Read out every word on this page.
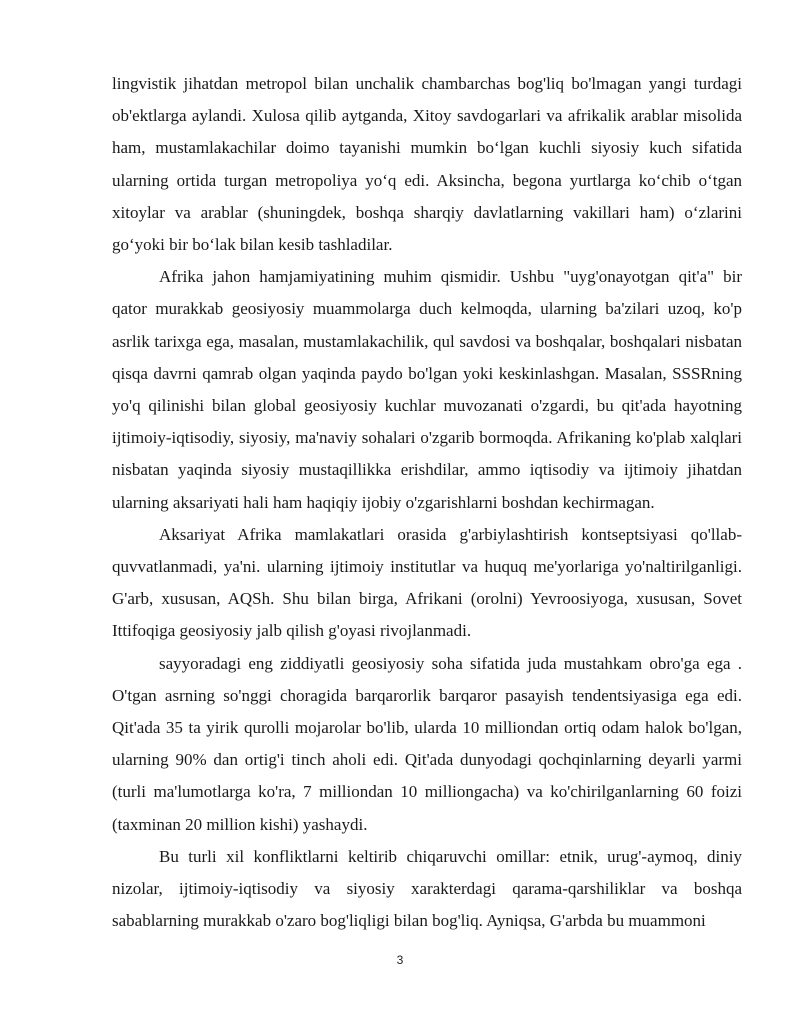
lingvistik jihatdan metropol bilan unchalik chambarchas bog'liq bo'lmagan yangi turdagi ob'ektlarga aylandi. Xulosa qilib aytganda, Xitoy savdogarlari va afrikalik arablar misolida ham, mustamlakachilar doimo tayanishi mumkin bo‘lgan kuchli siyosiy kuch sifatida ularning ortida turgan metropoliya yo‘q edi. Aksincha, begona yurtlarga ko‘chib o‘tgan xitoylar va arablar (shuningdek, boshqa sharqiy davlatlarning vakillari ham) o‘zlarini go‘yoki bir bo‘lak bilan kesib tashladilar.

Afrika jahon hamjamiyatining muhim qismidir. Ushbu "uyg'onayotgan qit'a" bir qator murakkab geosiyosiy muammolarga duch kelmoqda, ularning ba'zilari uzoq, ko'p asrlik tarixga ega, masalan, mustamlakachilik, qul savdosi va boshqalar, boshqalari nisbatan qisqa davrni qamrab olgan yaqinda paydo bo'lgan yoki keskinlashgan. Masalan, SSSRning yo'q qilinishi bilan global geosiyosiy kuchlar muvozanati o'zgardi, bu qit'ada hayotning ijtimoiy-iqtisodiy, siyosiy, ma'naviy sohalari o'zgarib bormoqda. Afrikaning ko'plab xalqlari nisbatan yaqinda siyosiy mustaqillikka erishdilar, ammo iqtisodiy va ijtimoiy jihatdan ularning aksariyati hali ham haqiqiy ijobiy o'zgarishlarni boshdan kechirmagan.

Aksariyat Afrika mamlakatlari orasida g'arbiylashtirish kontseptsiyasi qo'llab-quvvatlanmadi, ya'ni. ularning ijtimoiy institutlar va huquq me'yorlariga yo'naltirilganligi. G'arb, xususan, AQSh. Shu bilan birga, Afrikani (orolni) Yevroosiyoga, xususan, Sovet Ittifoqiga geosiyosiy jalb qilish g'oyasi rivojlanmadi.

sayyoradagi eng ziddiyatli geosiyosiy soha sifatida juda mustahkam obro'ga ega . O'tgan asrning so'nggi choragida barqarorlik barqaror pasayish tendentsiyasiga ega edi. Qit'ada 35 ta yirik qurolli mojarolar bo'lib, ularda 10 milliondan ortiq odam halok bo'lgan, ularning 90% dan ortig'i tinch aholi edi. Qit'ada dunyodagi qochqinlarning deyarli yarmi (turli ma'lumotlarga ko'ra, 7 milliondan 10 milliongacha) va ko'chirilganlarning 60 foizi (taxminan 20 million kishi) yashaydi.

Bu turli xil konfliktlarni keltirib chiqaruvchi omillar: etnik, urug'-aymoq, diniy nizolar, ijtimoiy-iqtisodiy va siyosiy xarakterdagi qarama-qarshiliklar va boshqa sabablarning murakkab o'zaro bog'liqligi bilan bog'liq. Ayniqsa, G'arbda bu muammoni

3
